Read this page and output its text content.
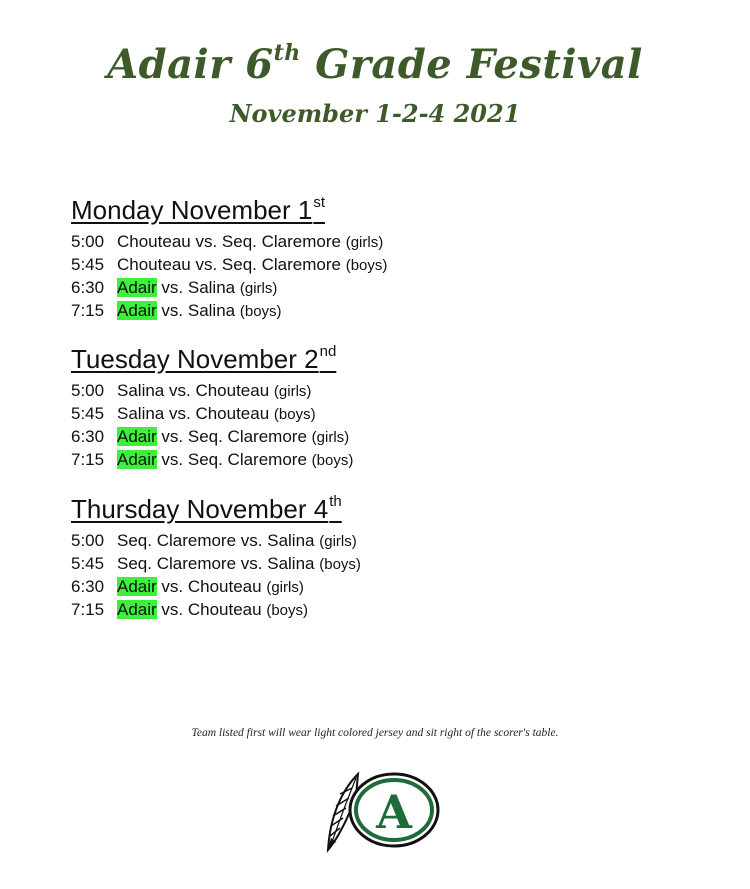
Adair 6th Grade Festival
November 1-2-4 2021
Monday November 1st
5:00 Chouteau vs. Seq. Claremore (girls)
5:45 Chouteau vs. Seq. Claremore (boys)
6:30 Adair vs. Salina (girls)
7:15 Adair vs. Salina (boys)
Tuesday November 2nd
5:00 Salina vs. Chouteau (girls)
5:45 Salina vs. Chouteau (boys)
6:30 Adair vs. Seq. Claremore (girls)
7:15 Adair vs. Seq. Claremore (boys)
Thursday November 4th
5:00 Seq. Claremore vs. Salina (girls)
5:45 Seq. Claremore vs. Salina (boys)
6:30 Adair vs. Chouteau (girls)
7:15 Adair vs. Chouteau (boys)
Team listed first will wear light colored jersey and sit right of the scorer's table.
A
